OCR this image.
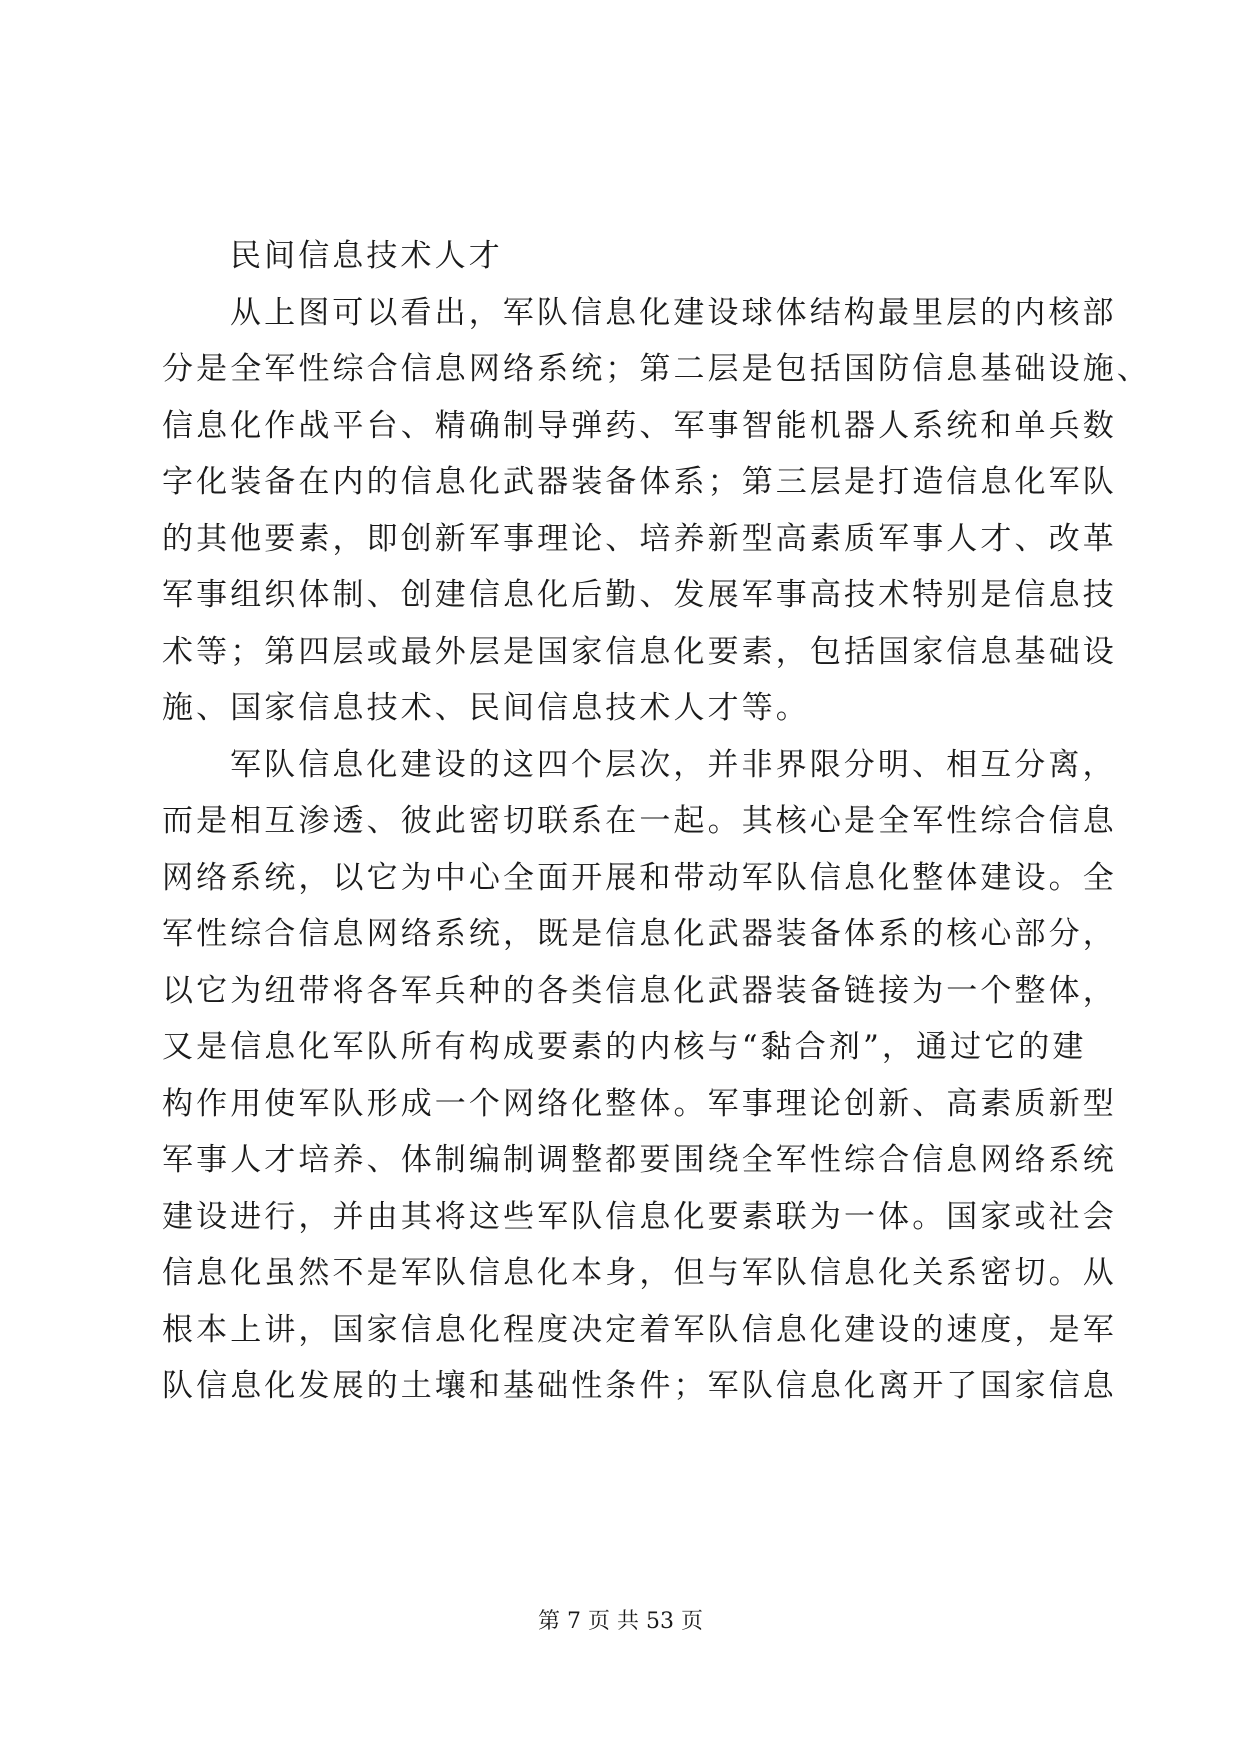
民间信息技术人才
从上图可以看出，军队信息化建设球体结构最里层的内核部
分是全军性综合信息网络系统；第二层是包括国防信息基础设施、
信息化作战平台、精确制导弹药、军事智能机器人系统和单兵数
字化装备在内的信息化武器装备体系；第三层是打造信息化军队
的其他要素，即创新军事理论、培养新型高素质军事人才、改革
军事组织体制、创建信息化后勤、发展军事高技术特别是信息技
术等；第四层或最外层是国家信息化要素，包括国家信息基础设
施、国家信息技术、民间信息技术人才等。
军队信息化建设的这四个层次，并非界限分明、相互分离，
而是相互渗透、彼此密切联系在一起。其核心是全军性综合信息
网络系统，以它为中心全面开展和带动军队信息化整体建设。全
军性综合信息网络系统，既是信息化武器装备体系的核心部分，
以它为纽带将各军兵种的各类信息化武器装备链接为一个整体，
又是信息化军队所有构成要素的内核与“黏合剂”，通过它的建
构作用使军队形成一个网络化整体。军事理论创新、高素质新型
军事人才培养、体制编制调整都要围绕全军性综合信息网络系统
建设进行，并由其将这些军队信息化要素联为一体。国家或社会
信息化虽然不是军队信息化本身，但与军队信息化关系密切。从
根本上讲，国家信息化程度决定着军队信息化建设的速度，是军
队信息化发展的土壤和基础性条件；军队信息化离开了国家信息
第 7 页 共 53 页
